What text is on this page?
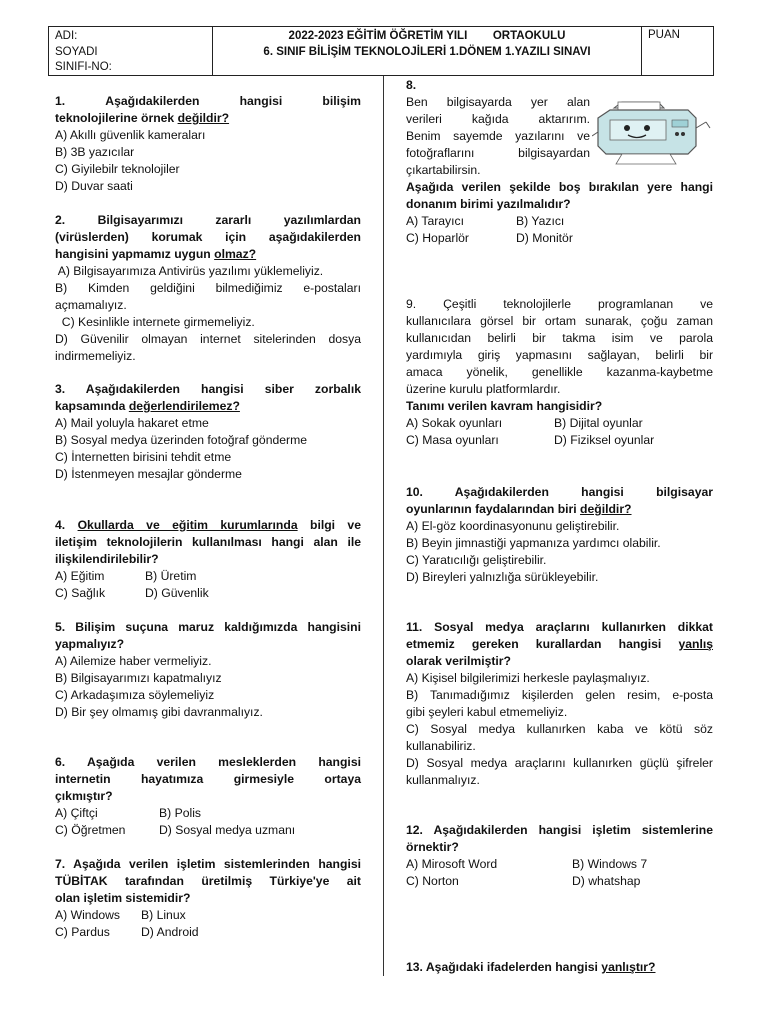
ADI:
SOYADI
SINIFI-NO:
2022-2023 EĞİTİM ÖĞRETİM YILI        ORTAOKULU
6. SINIF BİLİŞİM TEKNOLOJİLERİ 1.DÖNEM 1.YAZILI SINAVI
PUAN
1.	Aşağıdakilerden	hangisi	bilişim
teknolojilerine örnek değildir?
A) Akıllı güvenlik kameraları
B) 3B yazıcılar
C) Giyilebilr teknolojiler
D) Duvar saati
2. Bilgisayarımızı zararlı yazılımlardan
(virüslerden) korumak için aşağıdakilerden
hangisini yapmamız uygun olmaz?
A) Bilgisayarımıza Antivirüs yazılımı yüklemeliyiz.
B) Kimden geldiğini bilmediğimiz e-postaları
açmamalıyız.
C) Kesinlikle internete girmemeliyiz.
D) Güvenilir olmayan internet sitelerinden dosya
indirmemeliyiz.
3. Aşağıdakilerden hangisi siber zorbalık
kapsamında değerlendirilemez?
A) Mail yoluyla hakaret etme
B) Sosyal medya üzerinden fotoğraf gönderme
C) İnternetten birisini tehdit etme
D) İstenmeyen mesajlar gönderme
4. Okullarda ve eğitim kurumlarında bilgi ve
iletişim teknolojilerin kullanılması hangi alan ile
ilişkilendirilebilir?
A) Eğitim	B) Üretim
C) Sağlık	D) Güvenlik
5. Bilişim suçuna maruz kaldığımızda hangisini
yapmalıyız?
A) Ailemize haber vermeliyiz.
B) Bilgisayarımızı kapatmalıyız
C) Arkadaşımıza söylemeliyiz
D) Bir şey olmamış gibi davranmalıyız.
6. Aşağıda verilen mesleklerden hangisi
internetin hayatımıza girmesiyle ortaya
çıkmıştır?
A) Çiftçi	B) Polis
C) Öğretmen	D) Sosyal medya uzmanı
7. Aşağıda verilen işletim sistemlerinden hangisi
TÜBİTAK tarafından üretilmiş Türkiye'ye ait
olan işletim sistemidir?
A) Windows	B) Linux
C) Pardus	D) Android
8.
Ben bilgisayarda yer alan
verileri kağıda aktarırım.
Benim sayemde yazılarını ve
fotoğraflarını bilgisayardan
çıkartabilirsin.
Aşağıda verilen şekilde boş bırakılan yere hangi
donanım birimi yazılmalıdır?
A) Tarayıcı	B) Yazıcı
C) Hoparlör	D) Monitör
9. Çeşitli teknolojilerle programlanan ve
kullanıcılara görsel bir ortam sunarak, çoğu zaman
kullanıcıdan belirli bir takma isim ve parola
yardımıyla giriş yapmasını sağlayan, belirli bir
amaca yönelik, genellikle kazanma-kaybetme
üzerine kurulu platformlardır.
Tanımı verilen kavram hangisidir?
A) Sokak oyunları	B) Dijital oyunlar
C) Masa oyunları	D) Fiziksel oyunlar
10. Aşağıdakilerden hangisi bilgisayar
oyunlarının faydalarından biri değildir?
A) El-göz koordinasyonunu geliştirebilir.
B) Beyin jimnastiği yapmanıza yardımcı olabilir.
C) Yaratıcılığı geliştirebilir.
D) Bireyleri yalnızlığa sürükleyebilir.
11. Sosyal medya araçlarını kullanırken dikkat
etmemiz gereken kurallardan hangisi yanlış
olarak verilmiştir?
A) Kişisel bilgilerimizi herkesle paylaşmalıyız.
B) Tanımadığımız kişilerden gelen resim, e-posta
gibi şeyleri kabul etmemeliyiz.
C) Sosyal medya kullanırken kaba ve kötü söz
kullanabiliriz.
D) Sosyal medya araçlarını kullanırken güçlü şifreler
kullanmalıyız.
12. Aşağıdakilerden hangisi işletim sistemlerine
örnektir?
A) Mirosoft Word	B) Windows 7
C) Norton	D) whatshap
13. Aşağıdaki ifadelerden hangisi yanlıştır?
